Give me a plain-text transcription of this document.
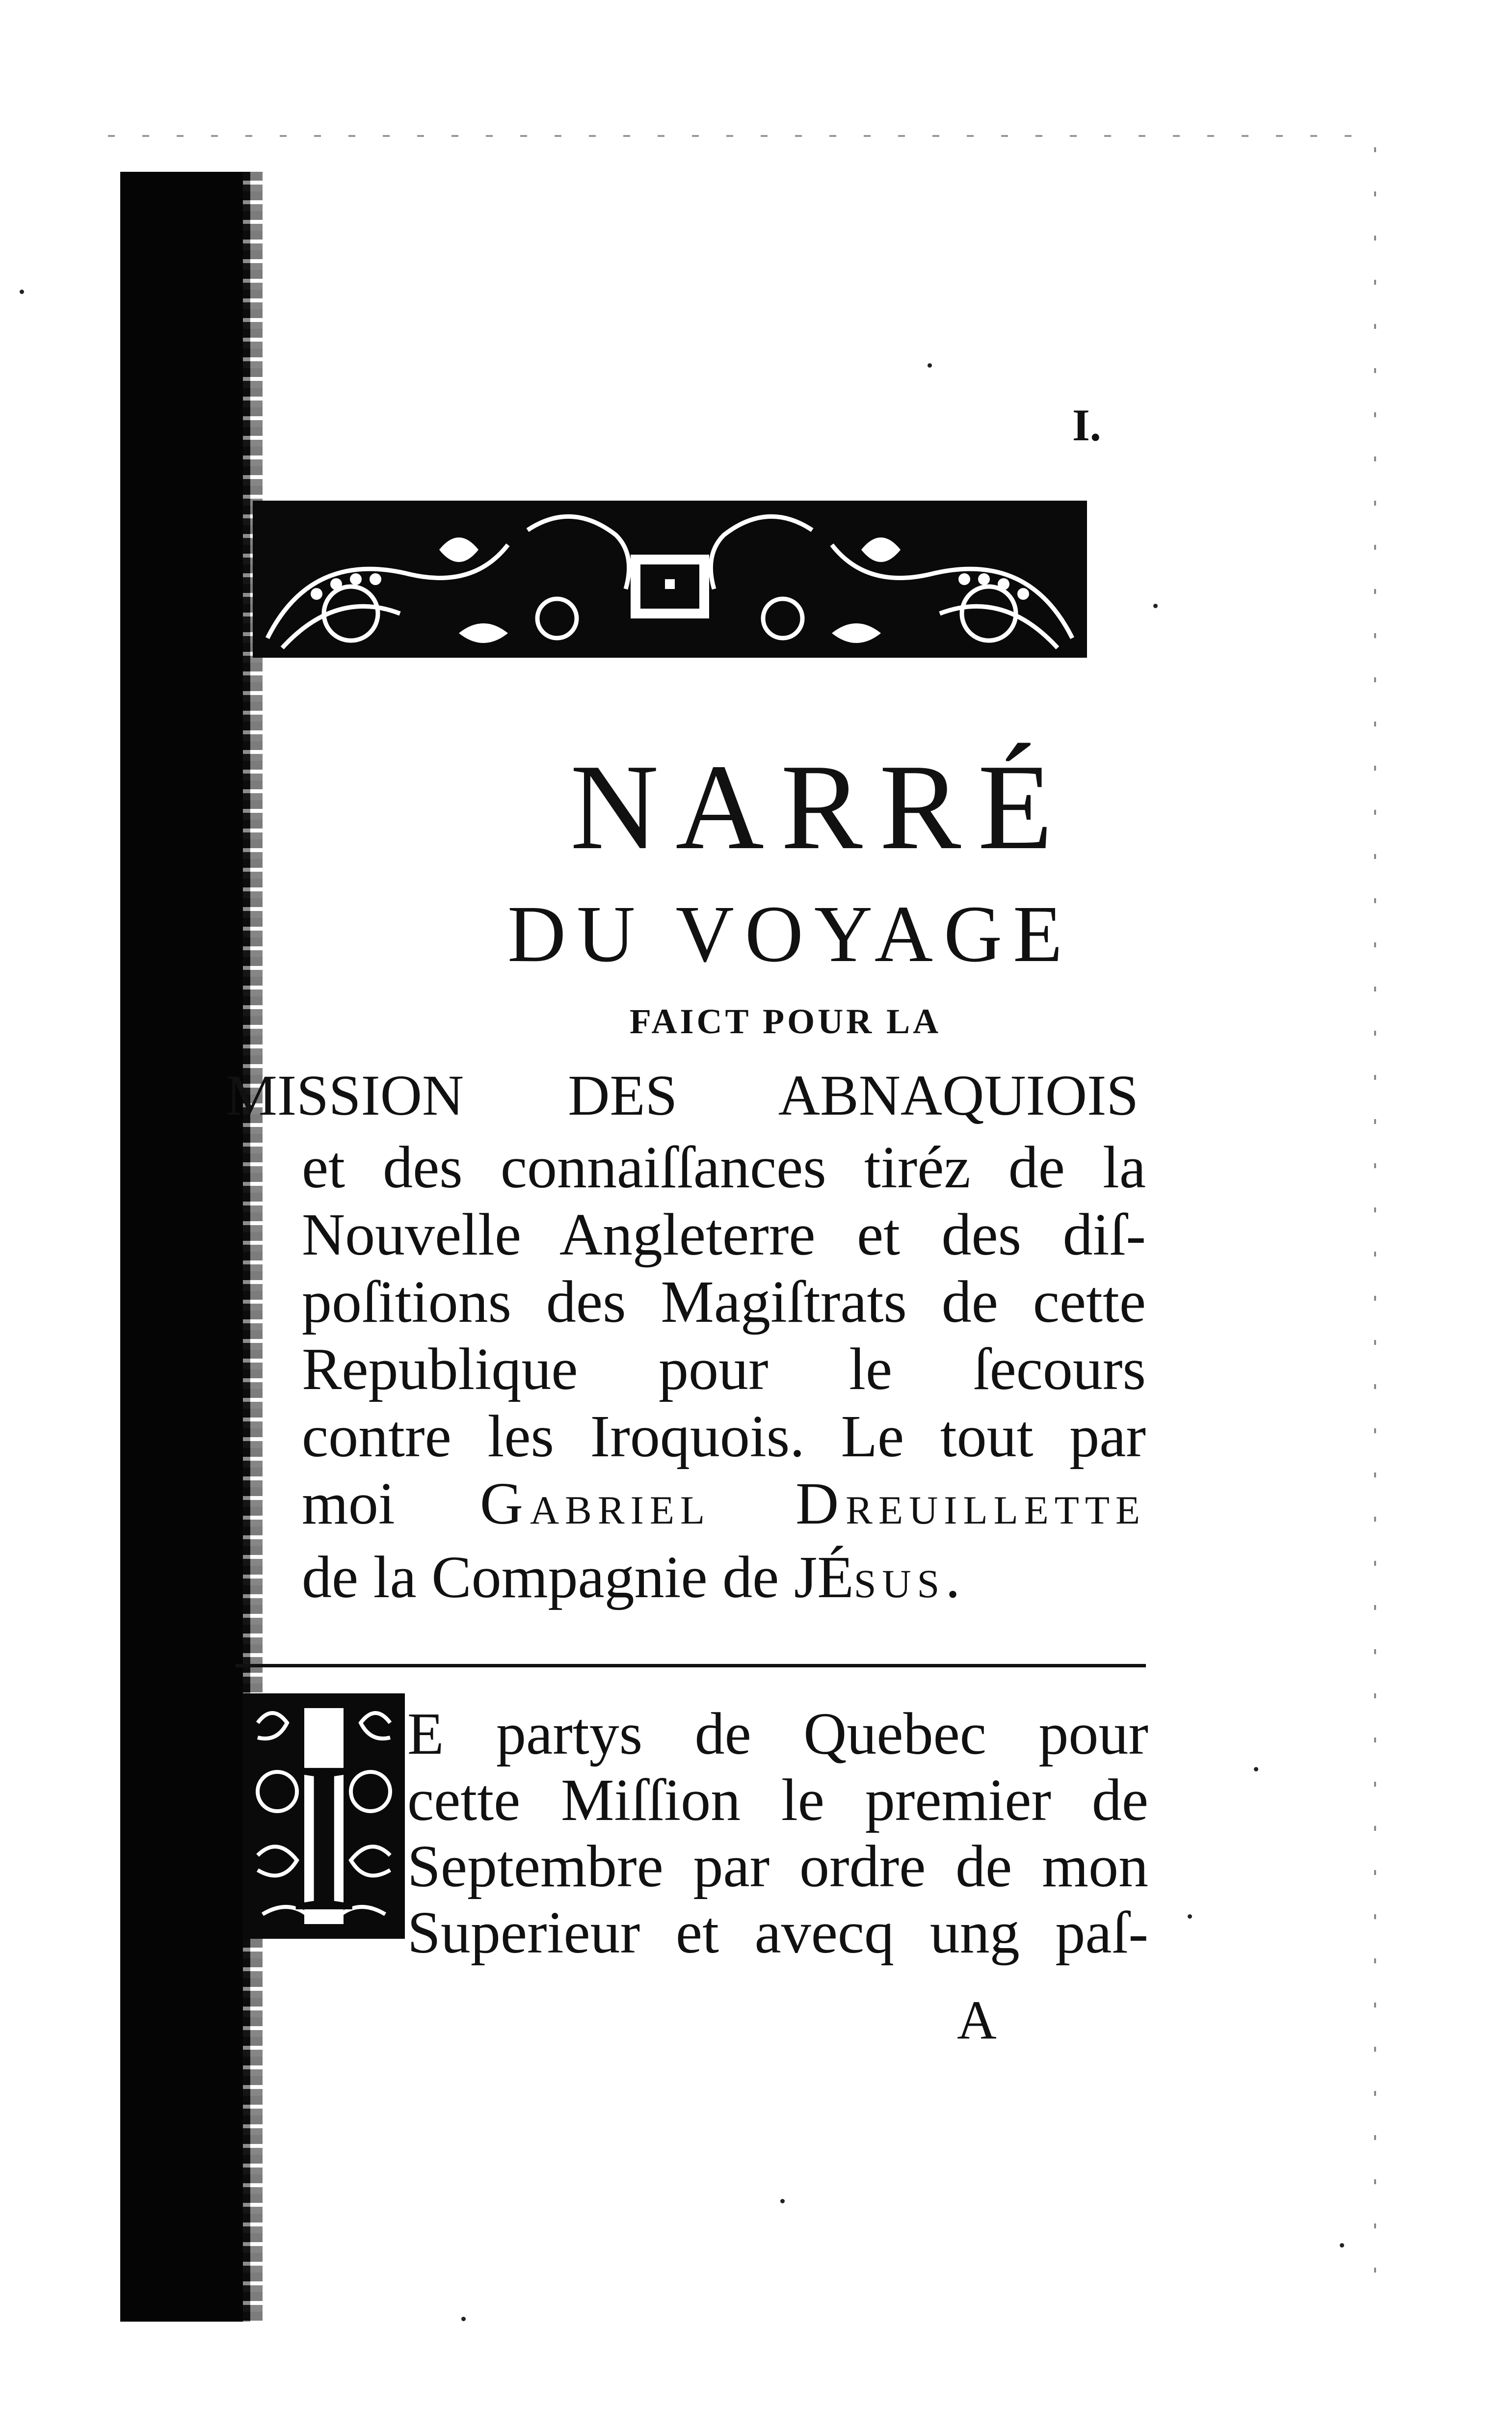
I.
NARRÉ
DU VOYAGE
FAICT POUR LA
MISSION DES ABNAQUIOIS

et des connaiſſances tiréz de la
Nouvelle Angleterre et des diſ-
poſitions des Magiſtrats de cette
Republique pour le ſecours
contre les Iroquois. Le tout par
moi GABRIEL DREUILLETTE
de la Compagnie de JÉSUS.

I E partys de Quebec pour
cette Miſſion le premier de
Septembre par ordre de mon
Superieur et avecq ung paſ-

A
